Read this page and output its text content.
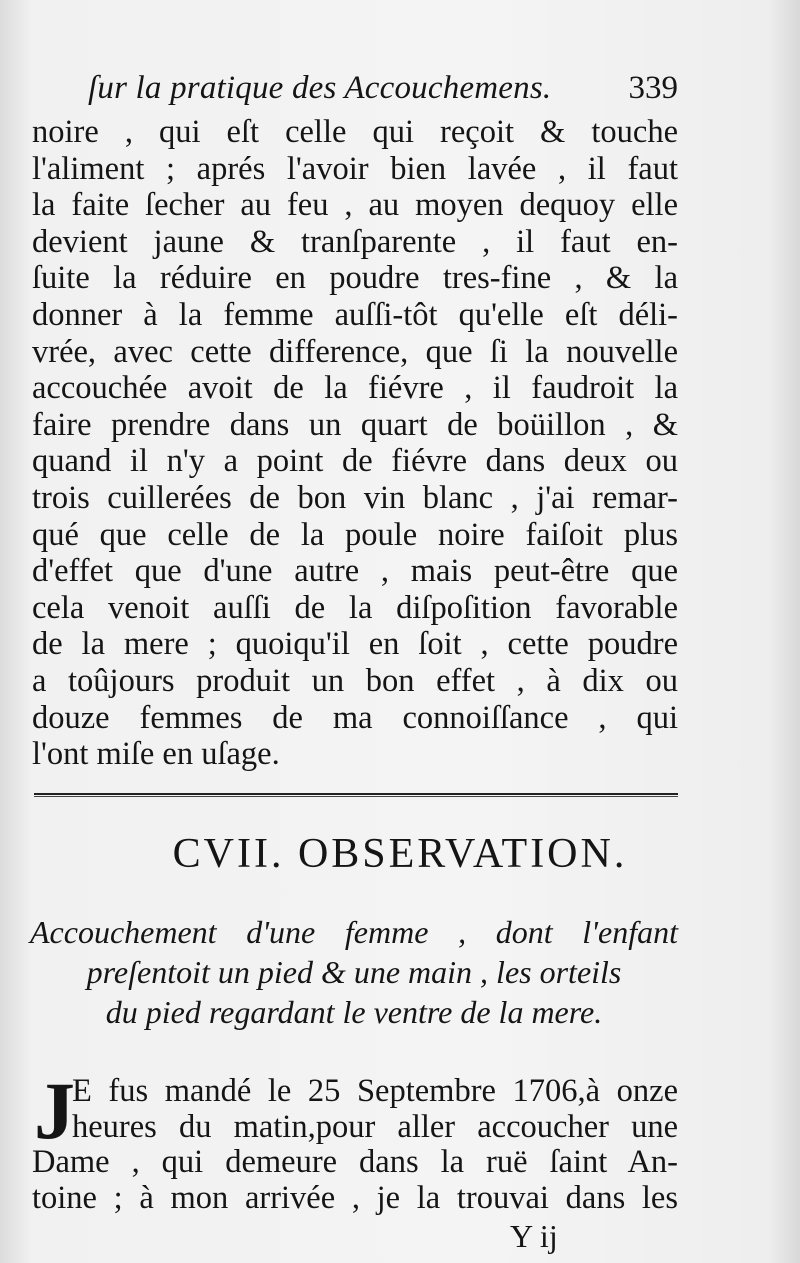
ſur la pratique des Accouchemens. 339
noire , qui eſt celle qui reçoit & touche
l'aliment ; aprés l'avoir bien lavée , il faut
la faite ſecher au feu , au moyen dequoy elle
devient jaune & tranſparente , il faut en-
ſuite la réduire en poudre tres-fine , & la
donner à la femme auſſi-tôt qu'elle eſt déli-
vrée, avec cette difference, que ſi la nouvelle
accouchée avoit de la fiévre , il faudroit la
faire prendre dans un quart de boüillon , &
quand il n'y a point de fiévre dans deux ou
trois cuillerées de bon vin blanc , j'ai remar-
qué que celle de la poule noire faiſoit plus
d'effet que d'une autre , mais peut-être que
cela venoit auſſi de la diſpoſition favorable
de la mere ; quoiqu'il en ſoit , cette poudre
a toûjours produit un bon effet , à dix ou
douze femmes de ma connoiſſance , qui
l'ont miſe en uſage.
CVII. OBSERVATION.
Accouchement d'une femme , dont l'enfant
preſentoit un pied & une main , les orteils
du pied regardant le ventre de la mere.
J
E fus mandé le 25 Septembre 1706,à onze
heures du matin,pour aller accoucher une
Dame , qui demeure dans la ruë ſaint An-
toine ; à mon arrivée , je la trouvai dans les
Y ij
